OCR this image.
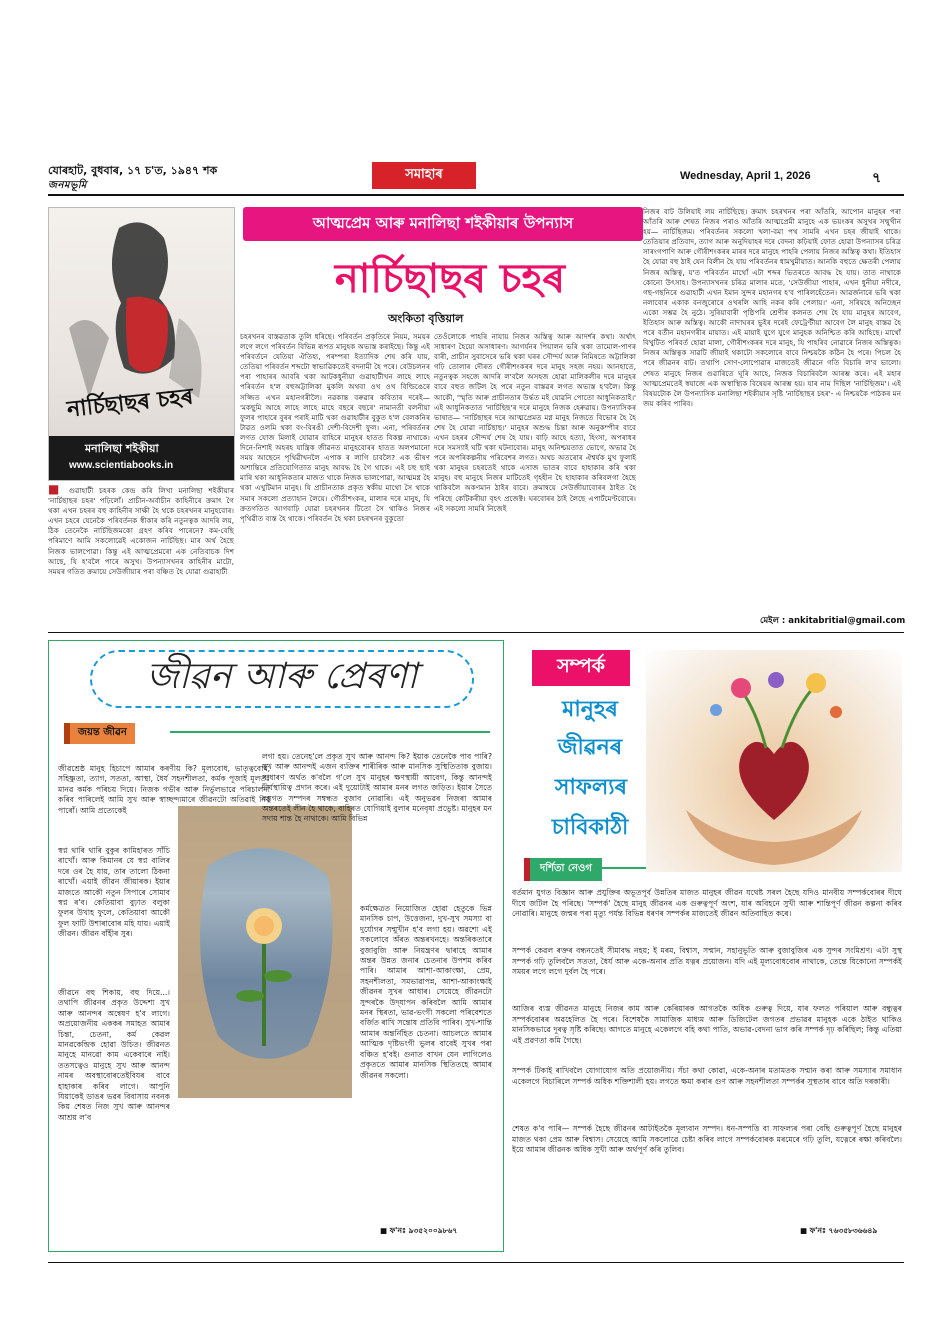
যোৰহাট, বুধবাৰ, ১৭ চ'ত, ১৯৪৭ শক
জনমভূমি
সমাহাৰ	Wednesday, April 1, 2026	৭
নাৰ্চিছাছৰ চহৰ
মনালিছা শইকীয়া
www.scientiabooks.in
আত্মপ্ৰেম আৰু মনালিছা শইকীয়াৰ উপন্যাস
নাৰ্চিছাছৰ চহৰ
অংকিতা বৃত্তিয়াল
■ গুৱাহাটী চহৰক কেন্দ্ৰ কৰি লিখা মনালিছা শইকীয়াৰ 'নাৰ্চিছাছৰ চহৰ' পঢ়িলোঁ। প্ৰাচীন-অৰ্বাচীন কাহিনীৰে ক্ৰমাৎ গৈ থকা এখন চহৰৰ বহু কাহিনীৰ সাক্ষী হৈ থকে চহৰখনৰ মানুহবোৰ। এখন চহৰে যেনেকৈ পৰিবৰ্তনক স্বীকাৰ কৰি নতুনত্বক আদৰি লয়, ঠিক তেনেকৈ নাৰ্চিছিজমকো গ্ৰহণ কৰিব পাৰেনে? কম-বেছি পৰিমাণে আমি সকলোৱেই একোজন নাৰ্চিছিছ। মাৰ অৰ্থ হৈছে নিজক ভালপোৱা। কিন্তু এই আত্মপ্ৰেমৰো এক নেতিবাচক দিশ আছে, যি হ'বলৈ পাৰে অসুখ। উপন্যাসখনৰ কাহিনীৰ মাটো, সময়ৰ গতিত ক্ৰমায়ে সেউজীয়াৰ পৰা বঞ্চিত হৈ যোৱা গুৱাহাটী
চহৰখনৰ বাস্তৱতাক তুলি ধৰিছে। পৰিবৰ্তন প্ৰকৃতিৰে নিয়ম, সময়ৰ লগে লগে পৰিবৰ্তন বিভিন্ন ৰূপত মানুহক অভ্যস্ত কৰাইছে। কিন্তু এই পৰিবৰ্তনে যেতিয়া ঐতিহ্য, পৰম্পৰা ইত্যাদিক শেষ কৰি যায়, তেতিয়া পৰিবৰ্তন শব্দটো স্বাভাৱিকতেই বদনামী হৈ পৰে। বেউচলনৰ পৰা পাহাৰৰ আবৰি থকা আটকধুনীয়া গুৱাহাটীখন লাহে লাহে পৰিবৰ্তন হ'ল বহুঅট্টালিকা মুকলি অথবা ওখ ওখ বিল্ডিঙেৰে সজ্জিত এখন মহানগৰীলৈ। নৱকান্ত বৰুৱাৰ কবিতাৰ দৰেই— 'মকছুমি আহে লাহে লাহে মাহে বছৰে বছৰে' নামানতী বলনীয়া ফুলৰ পাহাৰে বুৰৰ পৰাই মাটি থকা গুৱাহাটীৰ বুকুত হ'ল বেলকনিৰ টাৱত ওলমি থকা বং-বিৰঙী দেশী-বিদেশী ফুল। এনা, পৰিবৰ্তনৰ লগত যোজ মিলাই যোৱাৰ বাহিৰে মানুহৰ হাতত বিকল্প নাথাকে। দিনে-নিশাই অহৰহ যান্ত্ৰিক জীৱনত মানুহবোৰৰ হাতত অলপমানো সময় আছেনে পৃথিৱীখনলৈ এপাক ৰ লাগি চাবলৈ? এক ভীষণ অশান্তিৰে প্ৰতিযোগিতাত মানুহ আবদ্ধ হৈ গৈ থাকে। এই চহু ছাই মাৰি থকা আধুনিকতাৰ মাজত থাকে নিজক ভালপোৱা, আত্মমগ্ন হৈ থকা এখুটিমান মানুহ। যি প্ৰাচীনতাক প্ৰকৃত স্বকীয় মাথো সৈ থাকে সমাৰ সকলো প্ৰত্যাহান লৈয়ে। গৌতীশংকৰ, মালাৰ দৰে মানুহ, যি ক্ৰতগতিত আগবাঢ়ি যোৱা চহৰখনৰ টিতো সৈ থাকিও নিজৰ পৃথিৱীত ব্যস্ত হৈ থাকে। পৰিবৰ্তন হৈ থকা চহৰখনৰ বুকুতো
তেওঁলোকে পাহৰি নাযায় নিজৰ অস্তিত্ব আৰু আদৰ্শৰ কথা। অৰ্থাৎ সাধাৰণ হৈয়ো অসাধাৰণ। আগৰ্যনৰ পিয়ালন ভৰি থকা তামোল-পাণৰ বাৰী, প্ৰাচীন সুবাসেৰে ভৰি থকা ঘৰৰ সৌন্দৰ্য আৰু নিমিষতে অট্টালিকা গঢ়ি তোলাৰ দৌৰত গৌৰীশংকৰৰ দৰে মানুহ সহজ নহয়। আনহাতে, নতুনত্বক সহজে আদৰি ল'বলৈ অসহজ হোৱা মালিকলীৰ দৰে মানুহৰ বাবে বহুত জটিল হৈ পৰে নতুন বাস্তৱৰ লগত অভ্যস্ত হ'বলৈ। কিন্তু আকৌ, 'স্মৃতি আৰু প্ৰাচীনতাৰ উৰ্দ্ধত মই যোৱনি পোতো আধুনিকতাই।' এই আধুনিকতাত 'নাৰ্চিছিছ'ৰ দৰে মানুহে নিজক হেৰুৱায়। উপন্যাসিকৰ ভাষাত— 'নাৰ্চিছাছৰ দৰে আত্মপ্ৰেমত মগ্ন মানুহ নিজতে বিভোৰ হৈ হৈ শেষ হৈ যোৱা নাৰ্চিছাছ।' মানুহৰ অশুদ্ধ চিন্তা আৰু অনুকম্পীৰ বাবে এখন চহৰৰ সৌন্দৰ্য শেষ হৈ যায়। বাঢ়ি আহে হত্যা, হিংসা, অপৰাধৰ দৰে সমস্যাই ঘটি থকা ঘটনাবোৰ। মানুহ অনিশ্চয়তাত ভোগে, অভাৱ হৈ পৰে অপৰিকল্পনীয় পৰিবেশৰ লগত। অথচ অতৰোৰ ঐশ্বৰ্যক মুখ ফুলাই থকা মানুহৰ চহৰতেই থাকে এসাজ ভাতৰ বাবে হাহাকাৰ কৰি থকা মানুহ। বহু মানুহে নিজৰ মাটিতেই গৃহহীন হৈ হাহাকাৰ কৰিবলগা হৈছে থাকিবলৈ অকণমান ঠাইৰ বাবে। ক্ৰমান্বয়ে সেউজীয়াবোৰৰ ঠাইত হৈ পৰিছে কেটিকৰীয়া বৃহৎ প্ৰজেক্ট। ঘৰবোৰৰ ঠাই লৈছে এপাৰ্টমেণ্টবোৰে। এই সকলো সামৰি নিজেই
নিজৰ বাট উলিয়াই লয় নাৰ্চিছিছে। ক্ৰমাৎ চহৰখনৰ পৰা আঁতৰি, আপোন মানুহৰ পৰা আঁতৰি আৰু শেষত নিজৰ পৰাও আঁতৰি আত্মপ্ৰেমী মানুহে এক ভয়ংকৰ অসুখৰ সন্মুখীন হয়— নাৰ্চিছিজম। পৰিবৰ্তনৰ সকলো খলা-বমা পথ সামৰি এখন চহৰ জীয়াই থাকে। তেতিয়াৰ প্ৰতিবাদ, ত্যাগ আৰু অনুদিয়াহৰ দৰে বেদনা কঢ়িয়াই ফোত হোৱা উপন্যাসৰ চৰিত্ৰ সাৰংগপাণি আৰু গৌৰীশংকৰৰ মাৰৰ দৰে মানুহে পাহৰি পেলায় নিজৰ অস্তিত্ব কথা। ইতিহাস হৈ যোৱা বহু ঠাই যেন বিলীন হৈ যায় পৰিবৰ্তনৰ ধামখুমীয়াত। আনকি বহুতে ক্ষেতৰী পেলায় নিজৰ অস্তিত্ব, য'ত পৰিবৰ্তন মাথোঁ এটা শব্দৰ ভিতৰতে আবদ্ধ হৈ যায়। তাত নাথাকে কোনো উৎসাহ। উপন্যাসখনৰ চৰিত্ৰ মালাৰ মতে, 'সেউজীয়া পাহাৰ, এখন ধুনীয়া নদীৰে, গছ-গছনিৰে গুৱাহাটী এখন ইমান সুন্দৰ মহানগৰ হ'ব পাৰিলহেঁতেন। আৱৰ্জনাৰে ভৰি থকা নলাবোৰ একাক বনজুৰোৰে ওখৰলি আহি নকৰ কৰি পেলায়।' এনা, সৰিয়হে অনিচ্ছেন একো সম্ভৱ হৈ নুঠে। সুৰিয়াবাৰী পৃষ্ঠিপৰি শ্ৰেণীৰ কলনত শেষ হৈ যায় মানুহৰ আবেগ, ইতিহাস আৰু অস্তিত্ব। আকৌ নাদাঘৰৰ ভুইৰ দৰেই ফেট্ৰেণ্টীয়া আবেগ লৈ মানুহ বাস্তৱ হৈ পৰে বৰ্তীন মহানগৰীৰ মায়াত। এই মায়াই যুগে যুগে মানুহক অনিশ্চিত কৰি আহিছে। মাথোঁ বিখুটিত পৰিবৰ্ত হোৱা মালা, গৌৰীশংকৰৰ দৰে মানুহ, যি পাহৰিব নোৱাৰে নিজৰ অস্তিত্বক। নিজৰ অস্তিত্বক সাৱটি জীয়াই থকাটো সকলোৰে বাবে নিশ্চয়কৈ কঠিন হৈ পৰে। পিচল হৈ পৰে জীৱনৰ বাট। তথাপি সোণ-লোপোৱাৰ মাজতেই জীৱনে গতি বিচাৰি ল'ব ভালো। শেষত মানুহে নিজৰ গুৱাৰিতে ঘূৰি আহে, নিজক বিচাৰিবলৈ আৰম্ভ কৰে। এই মহাৰ আত্মপ্ৰেমতেই স্বযাজে এক অস্বাস্থ্যিক বিষেয়ৰ আৰম্ভ হয়। যাৰ নাম দিছিল 'নাৰ্চিছিজম'। এই বিষয়টোক লৈ উপন্যাসিক মনালিছা শইকীয়াৰ সৃষ্টি 'নাৰ্চিছাছৰ চহৰ'- এ নিশ্চয়কৈ পাঠকৰ মন জয় কৰিব পাৰিব।
মেইল : ankitabritial@gmail.com
জীৱন আৰু প্ৰেৰণা
জয়ন্ত জীৱন
জীৱশ্ৰেষ্ঠ মানুহ হিচাপে আমাৰ কৰণীয় কি? মূল্যবোধ, ভাতৃত্ববোধ, সহিষ্ণুতা, ত্যাগ, সততা, আস্থা, ধৈৰ্য সহনশীলতা, কৰ্মক পূজাই মূলতঃ মানৱ কৰ্মক পৰিচয় দিয়ে। নিজক গভীৰ আৰু নিৰ্ভুলভাৱে পৰিচালনা কৰিব পাৰিলেই আমি সুখ আৰু স্বাচ্ছন্দ্যমাৰে জীৱনটো অতিৱাই নিব পাৰোঁ। আমি প্ৰত্যেকেই
স্বপ্ন থাৰি থাৰি বুকুৰ কামিহাৰত সাঁচি ৰাখোঁ। আৰু কিমানৰ যে স্বপ্ন বালিৰ দৰে ওৰ হৈ যায়, তাৰ তালো ঠিকনা ৰাখোঁ। এয়াই জীৱন জীয়াৰক। ইয়াৰ মাজতে আকৌ নতুন সিপাৰে সোমাব স্বপ্ন ৰ'ব। কেতিয়াবা বুঢ়াত বলুকা ফুলৰ উখাহ ফুলে, কেতিয়াবা আকৌ ফুল ফাটি উশাৰাবোৰ মহি যায়। এয়াই জীৱন। জীৱন বাঁহীৰ সুৰ।
জীৱনে বহু শিকায়, বহু দিয়ে...। তথাপি জীৱনৰ প্ৰকৃত উদ্দেশ্য সুখ আৰু আনন্দৰ অন্বেষণ হ'ব লাগে। অপ্ৰয়োজনীয় এককৰ সমাহত আমাৰ চিন্তা, চেতনা, কৰ্ম কেৱল মানৱকেন্দ্ৰিক হোৱা উচিত। জীৱনত মানুহে মানৱো কাম একেবাৰে নাই। ততসত্বেও মানুহে সুখ আৰু আনন্দ নামৰ অবস্থাবোৰতেইবিযৰ বাবে হাহাকাৰ কৰিব লাগে। আপুনি যিয়াকেই ডাঙৰ ভৱৰ বিবাসায় নবনক কিয় শেষত নিজ সুখ আৰু আনন্দৰ আশ্ৰয় ল'ব
লগা হয়। তেনেহ'লে প্ৰকৃত সুখ আৰু আনন্দ কি? ইয়াক তেনেকৈ পাব পাৰি? সুখ আৰু আনন্দই এজন ব্যক্তিৰ শাৰীৰিক আৰু মানসিক সুস্থিতিতাক বুজায়। সাধাৰণ অৰ্থত ক'বলৈ গ'লে সুখ মানুহৰ ক্ষণস্থায়ী আবেগ, কিন্তু আনন্দই দীৰ্ঘস্থায়িত্ব প্ৰদান কৰে। এই দুয়োটাই আমাৰ মনৰ লগত জড়িত। ইয়াৰ সৈতে বস্তুগত সম্পদৰ সম্বন্ধত বুজাব নোৱাৰি। এই অনুভৱৰ নিজৰা আমাৰ অন্তৰতেই লীন হৈ থাকে, বাহিৰত যোগিয়াই বুলাৰ মনেবৃষা প্ৰভুেষ্ট। মানুহৰ মন সদায় শান্ত হৈ নাথাকে। আমি বিভিন্ন
কৰ্মক্ষেত্ৰত নিয়োজিত হোৱা হেতুকে ভিন্ন মানসিক চাপ, উত্তেজনা, দুখ-সুখ সমস্যা বা দুৰ্যোগৰ সন্মুখীন হ'ব লগা হয়। অৱশ্যে এই সকলোবে অঁৰত অন্তৰখনহে। অন্তৰিকতাৰে বুজাবুজি আৰু নিয়ন্ত্ৰণৰ দ্বাৰাহে আমাৰ অন্তৰ উন্নত জনাৰ চেতনাৰ উপশম কৰিব পাৰি। আমাৰ আশা-আকাংক্ষা, প্ৰেম, সহনশীলতা, সমভাৱাপন্ন, আশা-আকাংক্ষাই জীৱনৰ সুখৰ আধাৰ। সেয়েহে জীৱনটো সুন্দৰকৈ উদ্‌যাপন কৰিবলৈ আমি আমাৰ মনৰ স্থিৰতা, ভাৱ-ভংগী সকলো পৰিবেশতে বৰ্জিত ৰাখি সন্তোষ প্ৰতিবি পাৰিব। সুখ-শান্তি আমাৰ অন্তৰ্নিহিত চেতনা। আচলতে আমাৰ আত্মিক দৃষ্টিভংগী ভুলৰ বাবেই সুখৰ পৰা বঞ্চিত হ'বই। গুনাত বাখন যেন লাগিলেও প্ৰকৃততে আমাৰ মানসিক স্থিতিতহে আমাৰ জীৱনৰ সকলো।
■ ফ'নঃ ৯৩৫২০০৯৮৬৭
সম্পৰ্ক
মানুহৰ
জীৱনৰ
সাফল্যৰ
চাবিকাঠী
দৰ্শিতা নেওগ
বৰ্তমান যুগত বিজ্ঞান আৰু প্ৰযুক্তিৰ অভূতপূৰ্ব উন্নতিৰ মাজত মানুহৰ জীৱন যথেষ্ট সৰল হৈছে যদিও মানবীয় সম্পৰ্কবোৰৰ দীঘে দীঘে জটিল হৈ পৰিছে। 'সম্পৰ্ক' হৈছে মানুহ জীৱনৰ এক গুৰুত্বপূৰ্ণ অংশ, যাৰ অবিহনে সুখী আৰু শান্তিপূৰ্ণ জীৱন কল্পনা কৰিব নোৱাৰি। মানুহে জন্মৰ পৰা মৃত্যু পৰ্যন্ত বিভিন্ন ধৰণৰ সম্পৰ্কৰ মাজতেই জীৱন অতিবাহিত কৰে।
সম্পৰ্ক কেৱল ৰক্তৰ বন্ধনতেই সীমাবদ্ধ নহয়; ই মৰম, বিশ্বাস, সন্মান, সহানুভূতি আৰু বুজাবুজিৰ এক সুন্দৰ সংমিশ্ৰণ। এটা সুস্থ সম্পৰ্ক গঢ়ি তুলিবলৈ সততা, ধৈৰ্য আৰু একে-অনাৰ প্ৰতি যত্নৰ প্ৰয়োজন। যদি এই মূল্যবোধবোৰ নাথাকে, তেন্তে যিকোনো সম্পৰ্কই সময়ৰ লগে লগে দুৰ্বল হৈ পৰে।
আজিৰ ব্যস্ত জীৱনত মানুহে নিজৰ কাম আৰু কেৰিয়াৰক আগতকৈ অধিক গুৰুত্ব দিয়ে, যাৰ ফলত পৰিয়াল আৰু বন্ধুত্বৰ সম্পৰ্কবোৰৰ অৱহেলিত হৈ পৰে। বিশেষকৈ সামাজিক মাধ্যম আৰু ডিজিটেল জগতৰ প্ৰভাৱৰ মানুহক একে ঠাইত থাকিও মানসিকভাৱে দূৰত্ব সৃষ্টি কৰিছে। আগতে মানুহে একেলগে বহি কথা পাতি, অভাৱ-বেদনা ভাগ কৰি সম্পৰ্ক দৃঢ় কৰিছিল; কিন্তু এতিয়া এই প্ৰৱণতা কমি গৈছে।
সম্পৰ্ক টিকাই ৰাখিবলৈ যোগাযোগ অতি প্ৰয়োজনীয়। সঁচা কথা কোৱা, একে-অনাৰ মতামতক সন্মান কৰা আৰু সমস্যাৰ সমাধান একেলগে বিচাৰিলে সম্পৰ্ক অধিক শক্তিশালী হয়। লগতে ক্ষমা কৰাৰ গুণ আৰু সহনশীলতা সম্পৰ্কৰ সুস্থতাৰ বাবে অতি দৰকাৰী।
শেষত ক'ব পাৰি— সম্পৰ্ক হৈছে জীৱনৰ আটাইতকৈ মূল্যবান সম্পদ। ধন-সম্পত্তি বা সাফল্যৰ পৰা বেছি গুৰুত্বপূৰ্ণ হৈছে মানুহৰ মাজত থকা প্ৰেম আৰু বিশ্বাস। সেয়েহে আমি সকলোৱে চেষ্টা কৰিব লাগে সম্পৰ্কবোৰক মৰমেৰে গঢ়ি তুলি, যত্নেৰে ৰক্ষা কৰিবলৈ। ইয়ে আমাৰ জীৱনক অধিক সুখী আৰু অৰ্থপূৰ্ণ কৰি তুলিব।
■ ফ'নঃ ৭৬৩৫৮৩৬৬৪৯
